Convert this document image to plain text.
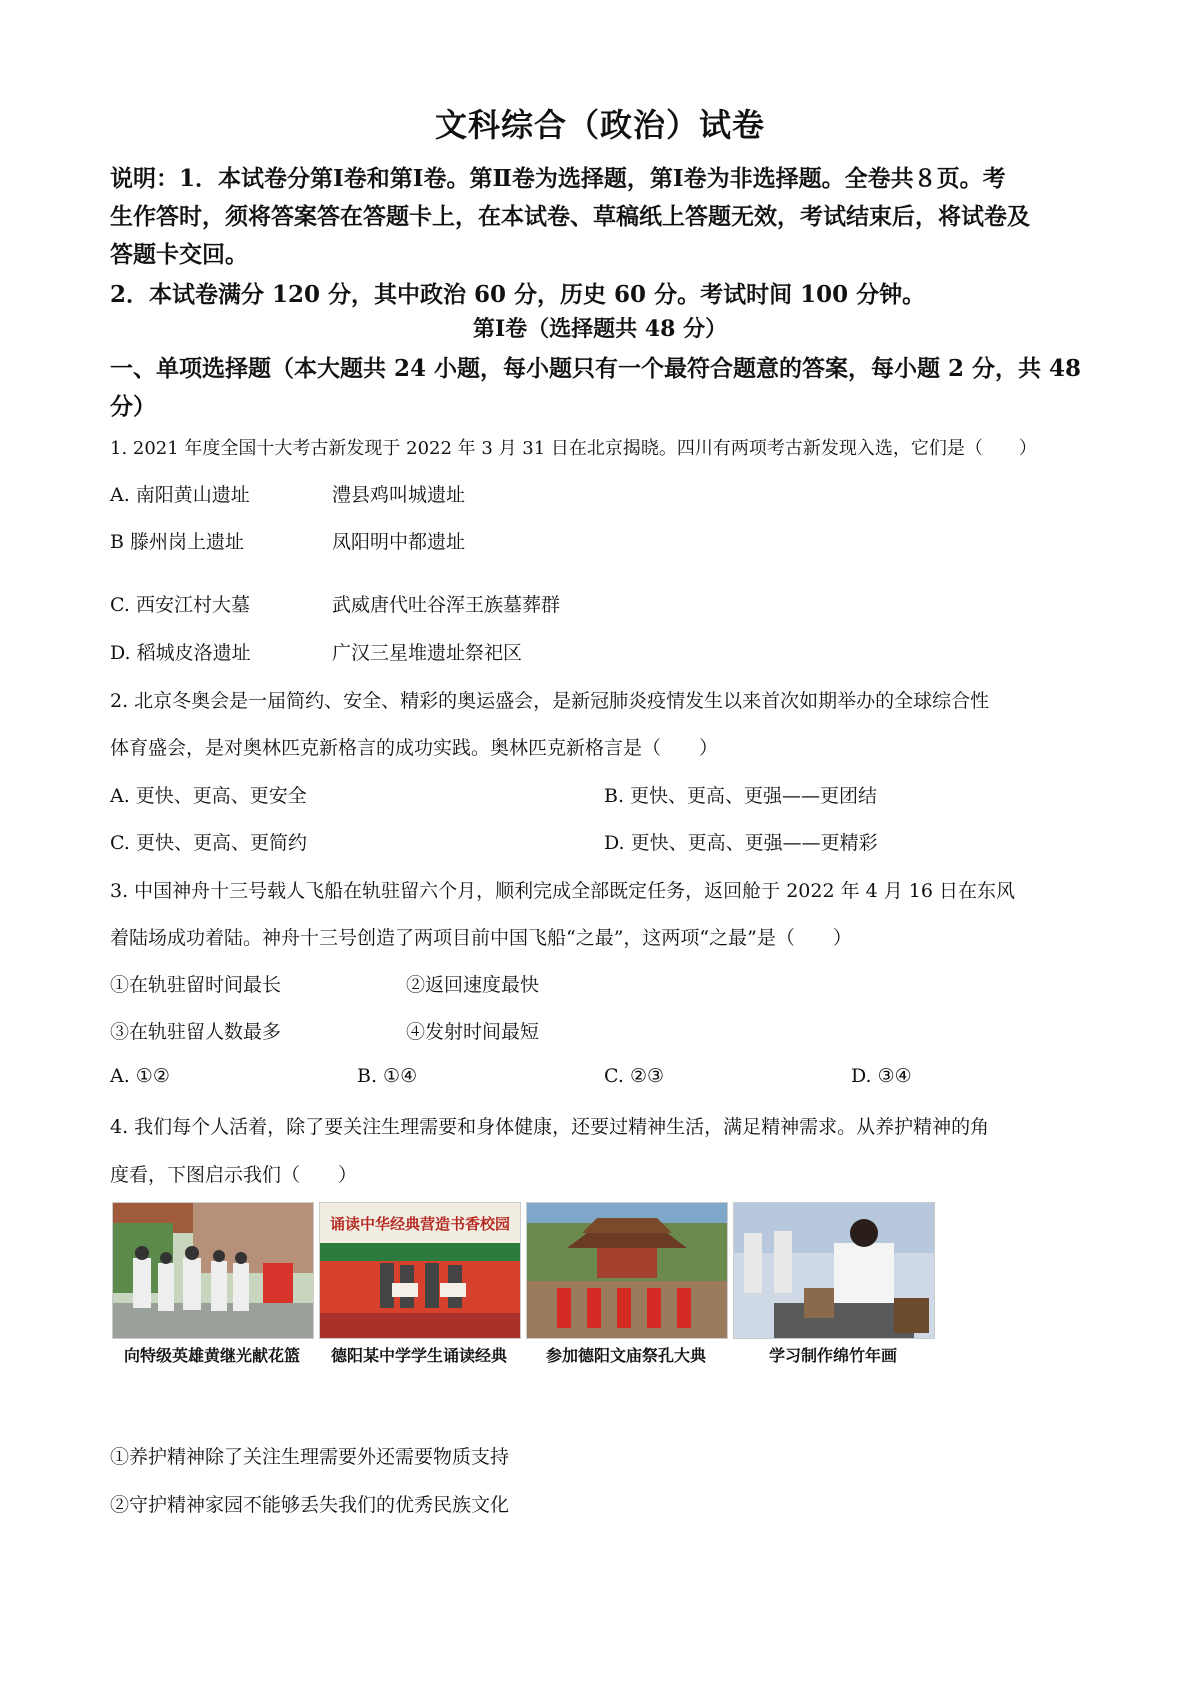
文科综合（政治）试卷
说明：1．本试卷分第Ⅰ卷和第Ⅰ卷。第Ⅱ卷为选择题，第Ⅰ卷为非选择题。全卷共８页。考
生作答时，须将答案答在答题卡上，在本试卷、草稿纸上答题无效，考试结束后，将试卷及
答题卡交回。
2．本试卷满分 120 分，其中政治 60 分，历史 60 分。考试时间 100 分钟。
第Ⅰ卷（选择题共 48 分）
一、单项选择题（本大题共 24 小题，每小题只有一个最符合题意的答案，每小题 2 分，共 48
分）
1. 2021 年度全国十大考古新发现于 2022 年 3 月 31 日在北京揭晓。四川有两项考古新发现入选，它们是（　　）
A. 南阳黄山遗址	澧县鸡叫城遗址
B 滕州岗上遗址	凤阳明中都遗址
C. 西安江村大墓	武威唐代吐谷浑王族墓葬群
D. 稻城皮洛遗址	广汉三星堆遗址祭祀区
2. 北京冬奥会是一届简约、安全、精彩的奥运盛会，是新冠肺炎疫情发生以来首次如期举办的全球综合性
体育盛会，是对奥林匹克新格言的成功实践。奥林匹克新格言是（　　）
A. 更快、更高、更安全	B. 更快、更高、更强——更团结
C. 更快、更高、更简约	D. 更快、更高、更强——更精彩
3. 中国神舟十三号载人飞船在轨驻留六个月，顺利完成全部既定任务，返回舱于 2022 年 4 月 16 日在东风
着陆场成功着陆。神舟十三号创造了两项目前中国飞船“之最”，这两项“之最”是（　　）
①在轨驻留时间最长	②返回速度最快
③在轨驻留人数最多	④发射时间最短
A. ①②	B. ①④	C. ②③	D. ③④
4. 我们每个人活着，除了要关注生理需要和身体健康，还要过精神生活，满足精神需求。从养护精神的角
度看，下图启示我们（　　）
诵读中华经典营造书香校园
向特级英雄黄继光献花篮	德阳某中学学生诵读经典	参加德阳文庙祭孔大典	学习制作绵竹年画
①养护精神除了关注生理需要外还需要物质支持
②守护精神家园不能够丢失我们的优秀民族文化
